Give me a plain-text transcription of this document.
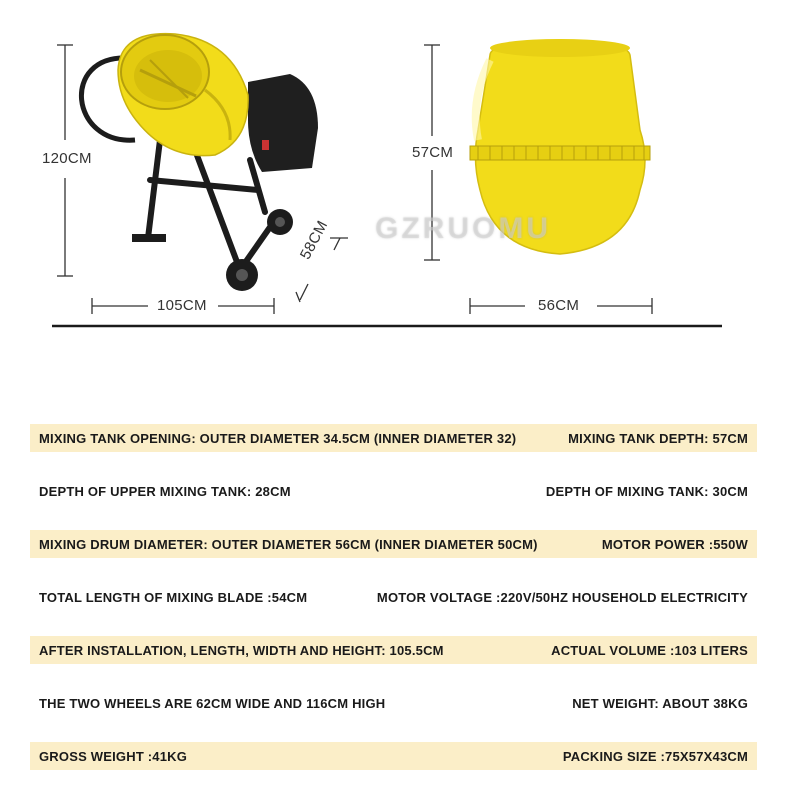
120CM
105CM
58CM
57CM
56CM
GZRUOMU
MIXING TANK OPENING: OUTER DIAMETER 34.5CM (INNER DIAMETER 32)	MIXING TANK DEPTH: 57CM
DEPTH OF UPPER MIXING TANK: 28CM	DEPTH OF MIXING TANK: 30CM
MIXING DRUM DIAMETER: OUTER DIAMETER 56CM (INNER DIAMETER 50CM)	MOTOR POWER :550W
TOTAL LENGTH OF MIXING BLADE :54CM	MOTOR VOLTAGE :220V/50HZ HOUSEHOLD ELECTRICITY
AFTER INSTALLATION, LENGTH, WIDTH AND HEIGHT: 105.5CM	ACTUAL VOLUME :103 LITERS
THE TWO WHEELS ARE 62CM WIDE AND 116CM HIGH	NET WEIGHT: ABOUT 38KG
GROSS WEIGHT :41KG	PACKING SIZE :75X57X43CM
